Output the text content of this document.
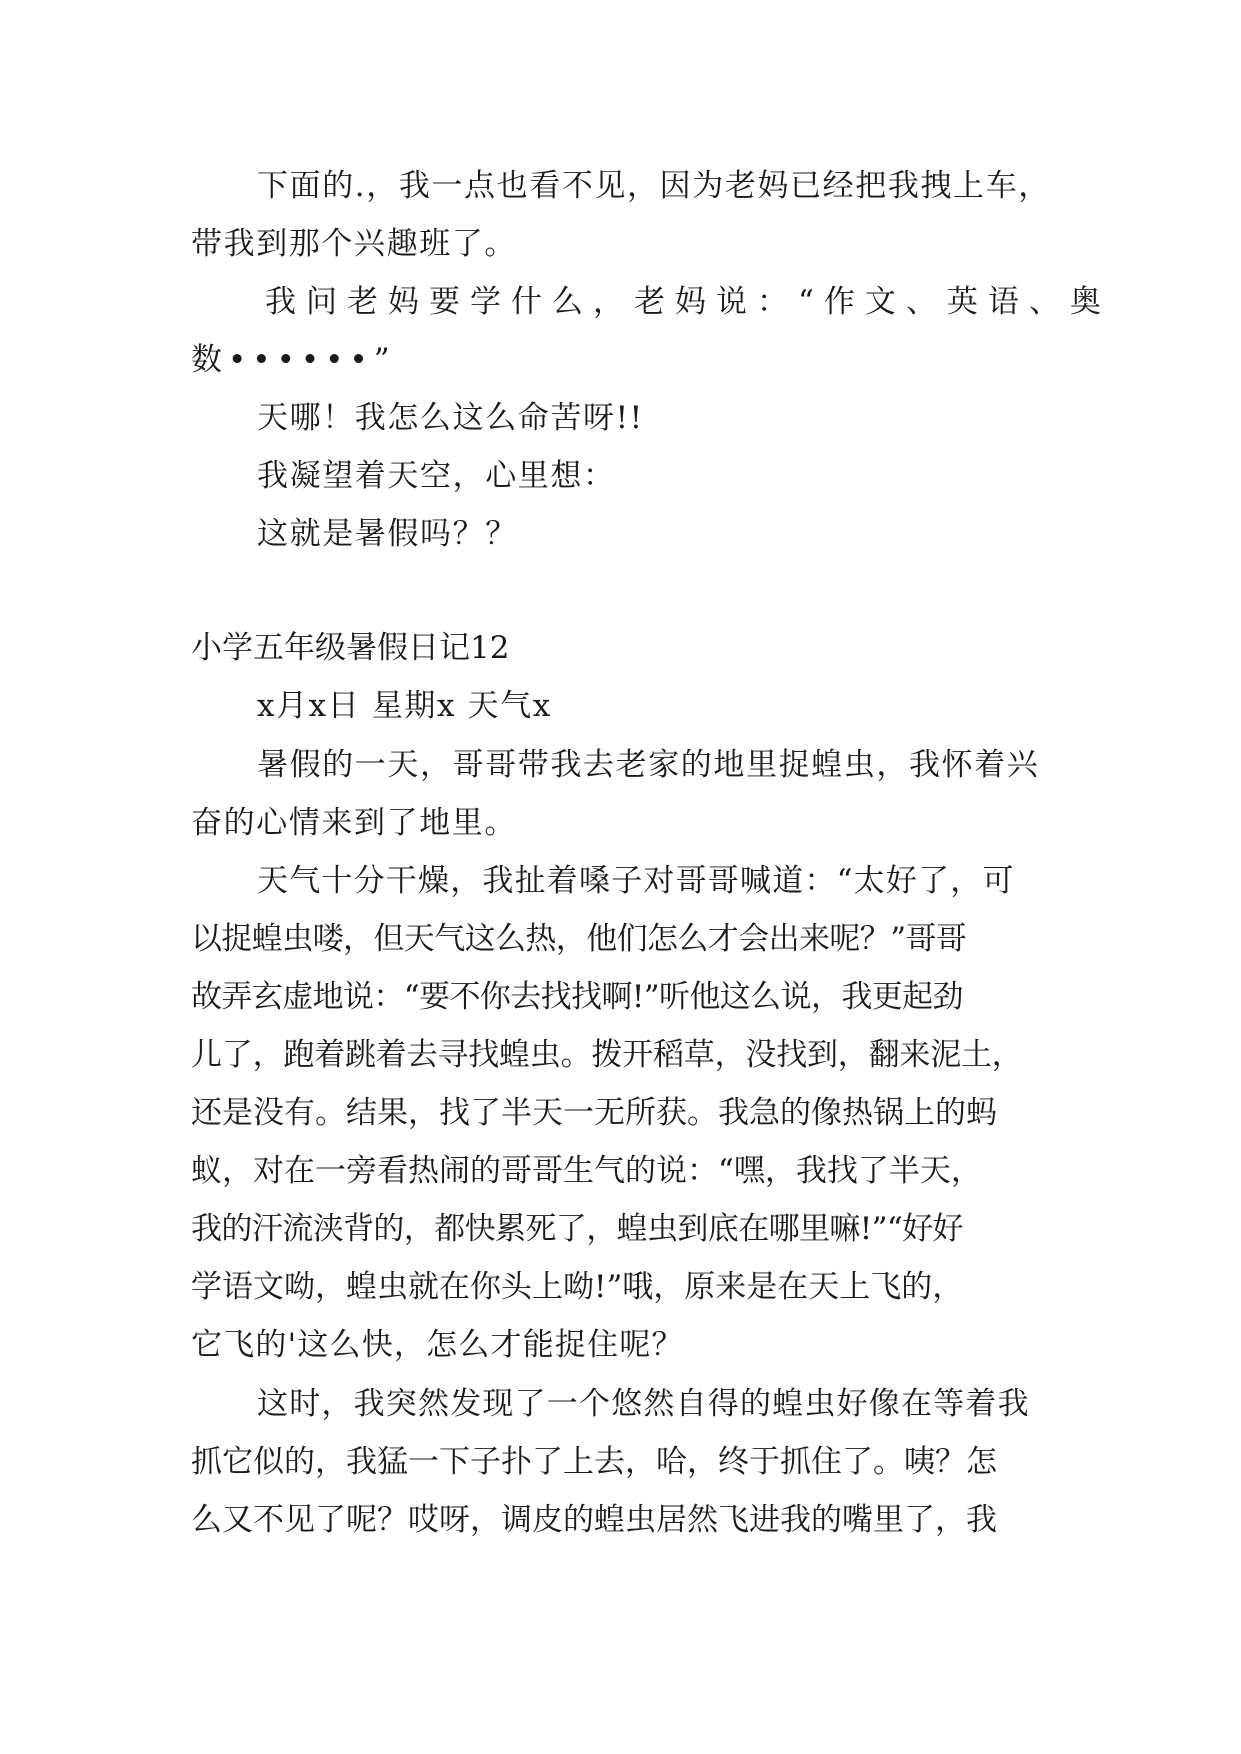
下面的.，我一点也看不见，因为老妈已经把我拽上车，
带我到那个兴趣班了。
我问老妈要学什么，老妈说：“作文、英语、奥
数••••••”
天哪！我怎么这么命苦呀!!
我凝望着天空，心里想：
这就是暑假吗？？
小学五年级暑假日记12
x月x日 星期x 天气x
暑假的一天，哥哥带我去老家的地里捉蝗虫，我怀着兴
奋的心情来到了地里。
天气十分干燥，我扯着嗓子对哥哥喊道：“太好了，可
以捉蝗虫喽，但天气这么热，他们怎么才会出来呢？”哥哥
故弄玄虚地说：“要不你去找找啊!”听他这么说，我更起劲
儿了，跑着跳着去寻找蝗虫。拨开稻草，没找到，翻来泥土，
还是没有。结果，找了半天一无所获。我急的像热锅上的蚂
蚁，对在一旁看热闹的哥哥生气的说：“嘿，我找了半天，
我的汗流浃背的，都快累死了，蝗虫到底在哪里嘛!”“好好
学语文呦，蝗虫就在你头上呦!”哦，原来是在天上飞的，
它飞的'这么快，怎么才能捉住呢？
这时，我突然发现了一个悠然自得的蝗虫好像在等着我
抓它似的，我猛一下子扑了上去，哈，终于抓住了。咦？怎
么又不见了呢？哎呀，调皮的蝗虫居然飞进我的嘴里了，我
